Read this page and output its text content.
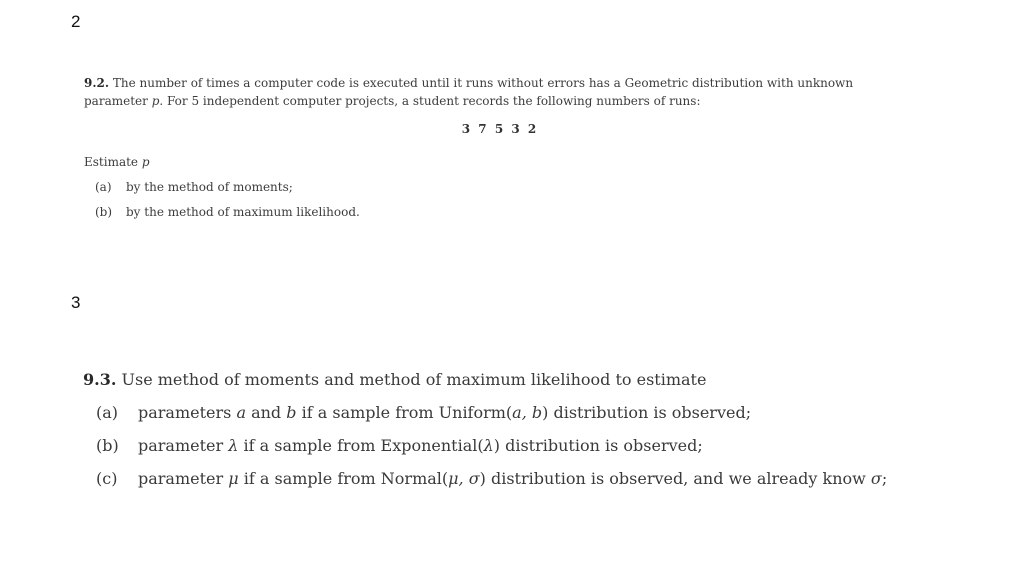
2
9.2. The number of times a computer code is executed until it runs without errors has a Geometric distribution with unknown
parameter p. For 5 independent computer projects, a student records the following numbers of runs:
3 7 5 3 2
Estimate p
(a) by the method of moments;
(b) by the method of maximum likelihood.
3
9.3. Use method of moments and method of maximum likelihood to estimate
(a) parameters a and b if a sample from Uniform(a, b) distribution is observed;
(b) parameter λ if a sample from Exponential(λ) distribution is observed;
(c) parameter μ if a sample from Normal(μ, σ) distribution is observed, and we already know σ;
